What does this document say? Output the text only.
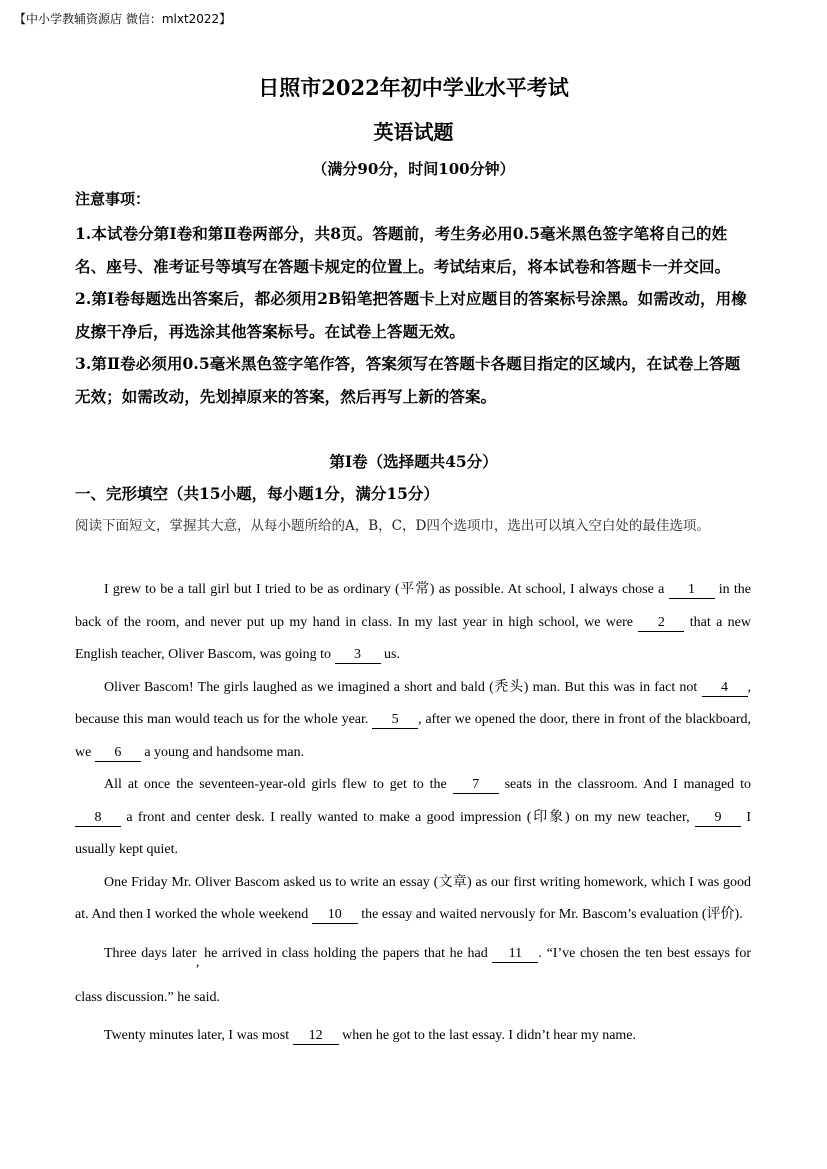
【中小学教辅资源店 微信：mlxt2022】
日照市2022年初中学业水平考试
英语试题
（满分90分，时间100分钟）
注意事项：

1.本试卷分第Ⅰ卷和第Ⅱ卷两部分，共8页。答题前，考生务必用0.5毫米黑色签字笔将自己的姓名、座号、准考证号等填写在答题卡规定的位置上。考试结束后，将本试卷和答题卡一并交回。

2.第Ⅰ卷每题选出答案后，都必须用2B铅笔把答题卡上对应题目的答案标号涂黑。如需改动，用橡皮擦干净后，再选涂其他答案标号。在试卷上答题无效。

3.第Ⅱ卷必须用0.5毫米黑色签字笔作答，答案须写在答题卡各题目指定的区域内，在试卷上答题无效；如需改动，先划掉原来的答案，然后再写上新的答案。

第Ⅰ卷（选择题共45分）
一、完形填空（共15小题，每小题1分，满分15分）

阅读下面短文，掌握其大意，从每小题所给的A，B，C，D四个选项巾，选出可以填入空白处的最佳选项。

I grew to be a tall girl but I tried to be as ordinary (平常) as possible. At school, I always chose a 1 in the back of the room, and never put up my hand in class. In my last year in high school, we were 2 that a new English teacher, Oliver Bascom, was going to 3 us.

Oliver Bascom! The girls laughed as we imagined a short and bald (秃头) man. But this was in fact not 4 , because this man would teach us for the whole year. 5 , after we opened the door, there in front of the blackboard, we 6 a young and handsome man.

All at once the seventeen-year-old girls flew to get to the 7 seats in the classroom. And I managed to 8 a front and center desk. I really wanted to make a good impression (印象) on my new teacher, 9 I usually kept quiet.

One Friday Mr. Oliver Bascom asked us to write an essay (文章) as our first writing homework, which I was good at. And then I worked the whole weekend 10 the essay and waited nervously for Mr. Bascom’s evaluation (评价).

Three days later, he arrived in class holding the papers that he had 11 . “I’ve chosen the ten best essays for class discussion.” he said.

Twenty minutes later, I was most 12 when he got to the last essay. I didn’t hear my name.
